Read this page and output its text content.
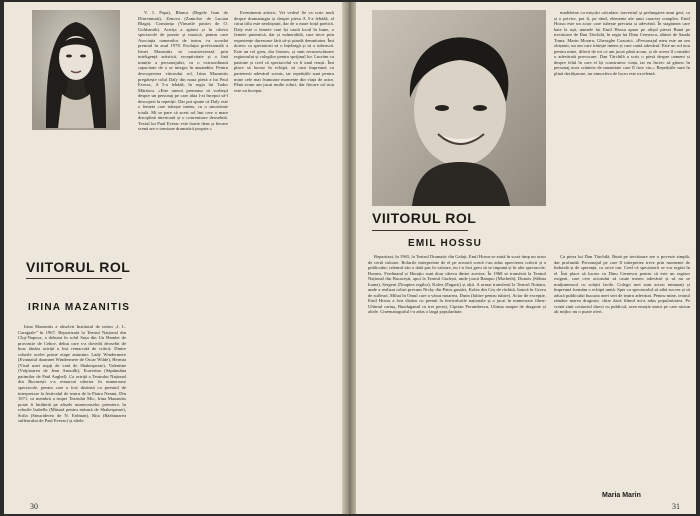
VIITORUL ROL
IRINA MAZANITIS

Irina Mazanitis a absolvit Institutul de teatru „I. L. Caragiale” în 1967. Repartizată la Teatrul Național din Cluj-Napoca, a debutat în rolul Sașa din Un Hamlet de provincie de Cehov, debut care s-a dovedit deosebit de bun: tânăra actriță a fost remarcată de critică. Dintre rolurile acelei prime etape amintim: Lady Windermere (Evantaiul doamnei Windermere de Oscar Wilde), Hermia (Visul unei nopți de vară de Shakespeare), Valentine (Vrăjitoarea de Jean Anouilh), Ecaterina (Săptămâna patimilor de Paul Aaghel). Ca actriță a Teatrului Național din București s-a remarcat ulterior în numeroase spectacole, pentru care a fost distinsă cu premiul de interpretare la festivalul de teatru de la Piatra Neamț. Din 1971, ca membră a trupei Teatrului Mic, Irina Mazanitis poate fi întâlnită pe afișele numeroaselor premiere, în rolurile Isabella (Măsură pentru măsură de Shakespeare), Sofia (Sinuciderea de N. Erdman), Rita (Răzbunarea sufleurului de Paul Everac) și altele.

V. I. Popa), Blanca (Regele Ioan de Dürrenmatt), Zenova (Zamolxe de Lucian Blaga), Constanța (Vinurile patriei de O. Goldsmith). Actrița a apărut și în câteva spectacole de poezie și muzică, pentru care Asociația oamenilor de teatru i-a acordat premiul în anul 1978. Evoluția profesională a Irinei Mazanitis se caracterizează prin inteligență artistică, receptivitate și o fină intuiție a personajului, cu o extraordinară capacitate de a se integra în ansamblu. Pentru descoperirea viitorului rol, Irina Mazanitis pregătește rolul Daly din noua piesă a lui Paul Everac, A 5-a lebădă, în regia lui Tudor Mărăscu. «Este uneori prematur să vorbești despre un personaj pe care abia l-ai început să-l descoperi la repetiții. Dar pot spune că Daly este o femeie care trăiește intens, cu o sinceritate totală. Mi se pare că acest rol îmi cere o mare disciplină interioară și o concentrare deosebită. Textul lui Paul Everac este foarte dens și fiecare scenă are o tensiune dramatică proprie.»

Evenimenti artistic. Vei vedea! Se va scrie mult despre dramaturgia și despre piesa A 5-a lebădă, al cărui titlu este neobișnuit, dar de o mare forță poetică. Daly este o femeie care își caută locul în lume, o femeie puternică, dar și vulnerabilă, care trece prin experiențe dureroase fără să-și piardă demnitatea. Îmi doresc ca spectatorii să o înțeleagă și să o iubească. Este un rol greu, dar frumos, și sunt recunoscătoare regizorului și colegilor pentru sprijinul lor. Lucrăm cu pasiune și cred că spectacolul va fi unul reușit. Îmi place să lucrez în echipă, să caut împreună cu partenerii adevărul scenic, iar repetițiile sunt pentru mine cele mai frumoase momente din viața de actor. Până acum am jucat multe roluri, dar fiecare rol nou este un început.

30
VIITORUL ROL
EMIL HOSSU

Repartizat, în 1965, la Teatrul Dramatic din Galați, Emil Hossu se arată în scurt timp un actor de certă valoare. Rolurile interpretate de el pe această scenă i-au adus aprecierea criticii și a publicului: talentul său o dată pus în valoare, nu i-a fost greu să se impună și în alte spectacole. Romeo, Ferdinand și Horațio sunt doar câteva dintre acestea. În 1968 se transferă la Teatrul Național din București, apoi la Teatrul Giulești, unde joacă Banquo (Macbeth), Dunois (Sfânta Ioana), Sergent (Noaptea regilor), Kolea (Fugarii) și alții. A urmat transferul la Teatrul Nottara, unde a realizat roluri precum Nicky din Patru gustări, Kolea din Coș de răchită, Ionică în Greva de sufleuri, Mihai în Omul care a văzut moartea, Dunn (Iubire pentru iubire). Actor de excepție, Emil Hossu a fost distins cu premii la festivalurile naționale și a jucat în numeroase filme: Ultimul cartuș, Buzduganul cu trei peceți, Ciprian Porumbescu, Ultima noapte de dragoste și altele. Cinematograful i-a adus o largă popularitate.

madeleine cu mișcări calculate; travestiul și prelungirea unui gest, ca și o privire, pot fi, pe rând, elemente ale unui caracter complex. Emil Hossu este un actor care iubește precizia și adevărul. În stagiunea care bate la ușă, numele lui Emil Hossu apare pe afișul piesei Bună pe trecătoare de Dan Tărchilă, în regia lui Dinu Cernescu, alături de Sanda Toma, Marin Moraru, Gheorghe Cozorici. «Personajul meu este un om obișnuit, un om care trăiește intens și care caută adevărul. Este un rol nou pentru mine, diferit de tot ce am jucat până acum, și de aceea îl consider o adevărată provocare. Dan Tărchilă a scris o piesă despre oameni și despre felul în care ei își construiesc viața, iar eu încerc să găsesc în personaj acea scânteie de umanitate care îl face viu.» Repetițiile sunt în plină desfășurare, iar atmosfera de lucru este excelentă.

Ca piesa lui Dan Tărchilă, Bună pe trecătoare are o poveste simplă, dar profundă. Personajul pe care îl interpretez trece prin momente de îndoială și de speranță, ca orice om. Cred că spectatorii se vor regăsi în el. Îmi place să lucrez cu Dinu Cernescu pentru că este un regizor exigent, care cere actorului să caute mereu adevărul și să nu se mulțumească cu soluții facile. Colegii mei sunt actori minunați și împreună formăm o echipă unită. Sper ca spectacolul să aibă succes și să aducă publicului bucuria unei seri de teatru adevărat. Pentru mine, teatrul rămâne marea dragoste, chiar dacă filmul mi-a adus popularitatea. Pe scenă simt contactul direct cu publicul, acea emoție unică pe care niciun alt mijloc nu o poate oferi.

Maria Marin
31
